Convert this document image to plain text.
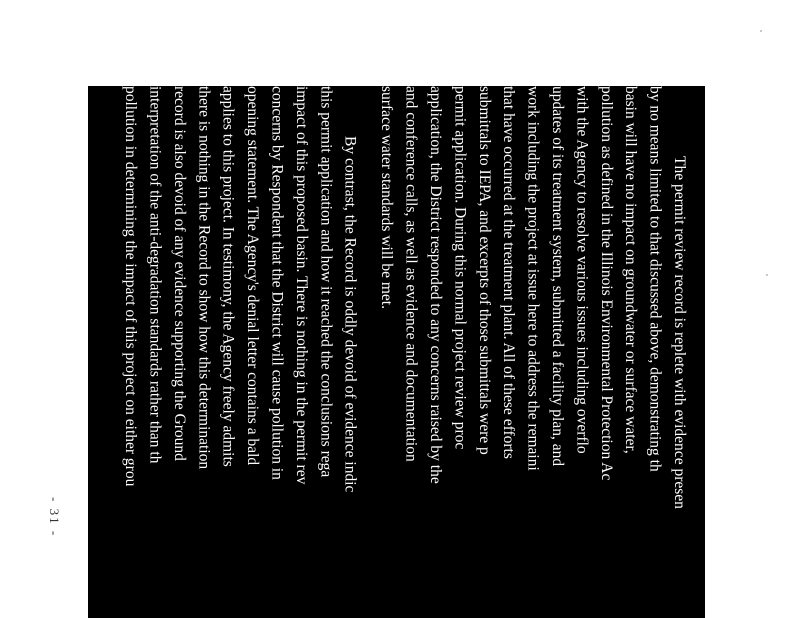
- 31 -
The permit review record is replete with evidence presen
by no means limited to that discussed above, demonstrating th
basin will have no impact on groundwater or surface water,
pollution as defined in the Illinois Environmental Protection Ac
with the Agency to resolve various issues including overflo
updates of its treatment system, submitted a facility plan, and
work including the project at issue here to address the remaini
that have occurred at the treatment plant. All of these efforts
submittals to IEPA, and excerpts of those submittals were p
permit application. During this normal project review proc
application, the District responded to any concerns raised by the
and conference calls, as well as evidence and documentation
surface water standards will be met.
By contrast, the Record is oddly devoid of evidence indic
this permit application and how it reached the conclusions rega
impact of this proposed basin. There is nothing in the permit rev
concerns by Respondent that the District will cause pollution in
opening statement. The Agency's denial letter contains a bald
applies to this project. In testimony, the Agency freely admits
there is nothing in the Record to show how this determination
record is also devoid of any evidence supporting the Ground
interpretation of the anti-degradation standards rather than th
pollution in determining the impact of this project on either grou
